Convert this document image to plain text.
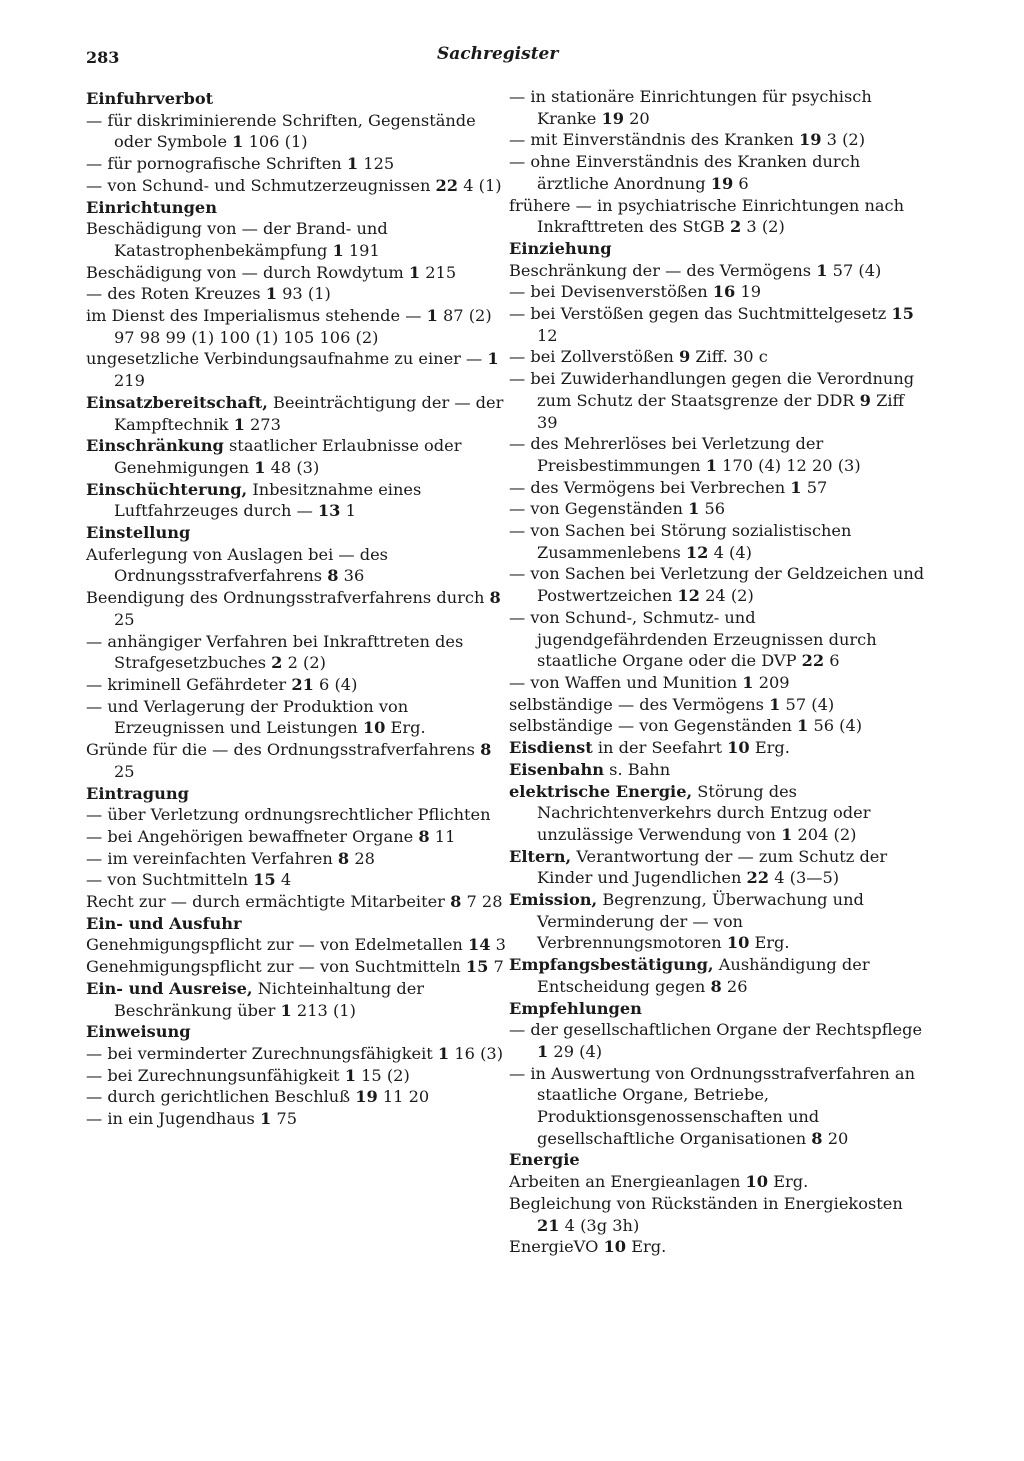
283	Sachregister

Einfuhrverbot

— für diskriminierende Schriften, Gegenstände oder Symbole 1 106 (1)

— für pornografische Schriften 1 125

— von Schund- und Schmutzerzeugnissen 22 4 (1)

Einrichtungen

Beschädigung von — der Brand- und Katastrophenbekämpfung 1 191

Beschädigung von — durch Rowdytum 1 215

— des Roten Kreuzes 1 93 (1)

im Dienst des Imperialismus stehende — 1 87 (2) 97 98 99 (1) 100 (1) 105 106 (2)

ungesetzliche Verbindungsaufnahme zu einer — 1 219

Einsatzbereitschaft, Beeinträchtigung der — der Kampftechnik 1 273

Einschränkung staatlicher Erlaubnisse oder Genehmigungen 1 48 (3)

Einschüchterung, Inbesitznahme eines Luftfahrzeuges durch — 13 1

Einstellung

Auferlegung von Auslagen bei — des Ordnungsstrafverfahrens 8 36

Beendigung des Ordnungsstrafverfahrens durch 8 25

— anhängiger Verfahren bei Inkrafttreten des Strafgesetzbuches 2 2 (2)

— kriminell Gefährdeter 21 6 (4)

— und Verlagerung der Produktion von Erzeugnissen und Leistungen 10 Erg.

Gründe für die — des Ordnungsstrafverfahrens 8 25

Eintragung

— über Verletzung ordnungsrechtlicher Pflichten

— bei Angehörigen bewaffneter Organe 8 11

— im vereinfachten Verfahren 8 28

— von Suchtmitteln 15 4

Recht zur — durch ermächtigte Mitarbeiter 8 7 28

Ein- und Ausfuhr

Genehmigungspflicht zur — von Edelmetallen 14 3

Genehmigungspflicht zur — von Suchtmitteln 15 7

Ein- und Ausreise, Nichteinhaltung der Beschränkung über 1 213 (1)

Einweisung

— bei verminderter Zurechnungsfähigkeit 1 16 (3)

— bei Zurechnungsunfähigkeit 1 15 (2)

— durch gerichtlichen Beschluß 19 11 20

— in ein Jugendhaus 1 75

— in stationäre Einrichtungen für psychisch Kranke 19 20

— mit Einverständnis des Kranken 19 3 (2)

— ohne Einverständnis des Kranken durch ärztliche Anordnung 19 6

frühere — in psychiatrische Einrichtungen nach Inkrafttreten des StGB 2 3 (2)

Einziehung

Beschränkung der — des Vermögens 1 57 (4)

— bei Devisenverstößen 16 19

— bei Verstößen gegen das Suchtmittelgesetz 15 12

— bei Zollverstößen 9 Ziff. 30 c

— bei Zuwiderhandlungen gegen die Verordnung zum Schutz der Staatsgrenze der DDR 9 Ziff 39

— des Mehrerlöses bei Verletzung der Preisbestimmungen 1 170 (4) 12 20 (3)

— des Vermögens bei Verbrechen 1 57

— von Gegenständen 1 56

— von Sachen bei Störung sozialistischen Zusammenlebens 12 4 (4)

— von Sachen bei Verletzung der Geldzeichen und Postwertzeichen 12 24 (2)

— von Schund-, Schmutz- und jugendgefährdenden Erzeugnissen durch staatliche Organe oder die DVP 22 6

— von Waffen und Munition 1 209

selbständige — des Vermögens 1 57 (4)

selbständige — von Gegenständen 1 56 (4)

Eisdienst in der Seefahrt 10 Erg.

Eisenbahn s. Bahn

elektrische Energie, Störung des Nachrichtenverkehrs durch Entzug oder unzulässige Verwendung von 1 204 (2)

Eltern, Verantwortung der — zum Schutz der Kinder und Jugendlichen 22 4 (3—5)

Emission, Begrenzung, Überwachung und Verminderung der — von Verbrennungsmotoren 10 Erg.

Empfangsbestätigung, Aushändigung der Entscheidung gegen 8 26

Empfehlungen

— der gesellschaftlichen Organe der Rechtspflege 1 29 (4)

— in Auswertung von Ordnungsstrafverfahren an staatliche Organe, Betriebe, Produktionsgenossenschaften und gesellschaftliche Organisationen 8 20

Energie

Arbeiten an Energieanlagen 10 Erg.

Begleichung von Rückständen in Energiekosten 21 4 (3g 3h)

EnergieVO 10 Erg.
